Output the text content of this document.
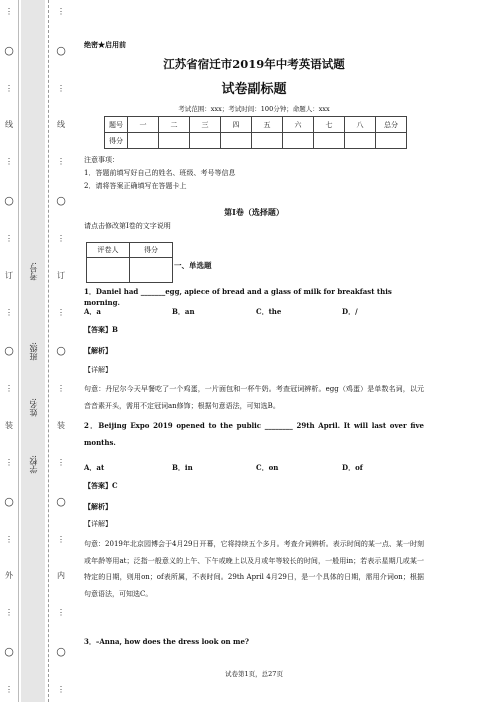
⋮
○
⋮
线
⋮
○
⋮
订
⋮
○
⋮
装
⋮
○
⋮
外
⋮
○
⋮
学校:
姓名:
班级:
考号:
⋮
○
⋮
线
⋮
○
⋮
订
⋮
○
⋮
装
⋮
○
⋮
内
⋮
○
⋮
绝密★启用前
江苏省宿迁市2019年中考英语试题
试卷副标题
考试范围：xxx；考试时间：100分钟；命题人：xxx
题号	一	二	三	四	五	六	七	八	总分
得分									
注意事项：
1．答题前填写好自己的姓名、班级、考号等信息
2．请将答案正确填写在答题卡上
第I卷（选择题）
请点击修改第I卷的文字说明
评卷人	得分

一、单选题
1．Daniel had _______egg, apiece of bread and a glass of milk for breakfast this morning.
A．a	B．an	C．the	D．/
【答案】B
【解析】
【详解】
句意：丹尼尔今天早餐吃了一个鸡蛋，一片面包和一杯牛奶。考查冠词辨析。egg（鸡蛋）是单数名词，以元音音素开头，需用不定冠词an修饰；根据句意语法，可知选B。
2．Beijing Expo 2019 opened to the public ________ 29th April. It will last over five months.
A．at	B．in	C．on	D．of
【答案】C
【解析】
【详解】
句意：2019年北京园博会于4月29日开幕，它将持续五个多月。考查介词辨析。表示时间的某一点、某一时刻或年龄等用at；泛指一般意义的上午、下午或晚上以及月或年等较长的时间，一般用in；若表示星期几或某一特定的日期，则用on；of表所属，不表时间。29th April 4月29日，是一个具体的日期，需用介词on；根据句意语法，可知选C。
3．–Anna, how does the dress look on me?
试卷第1页，总27页
